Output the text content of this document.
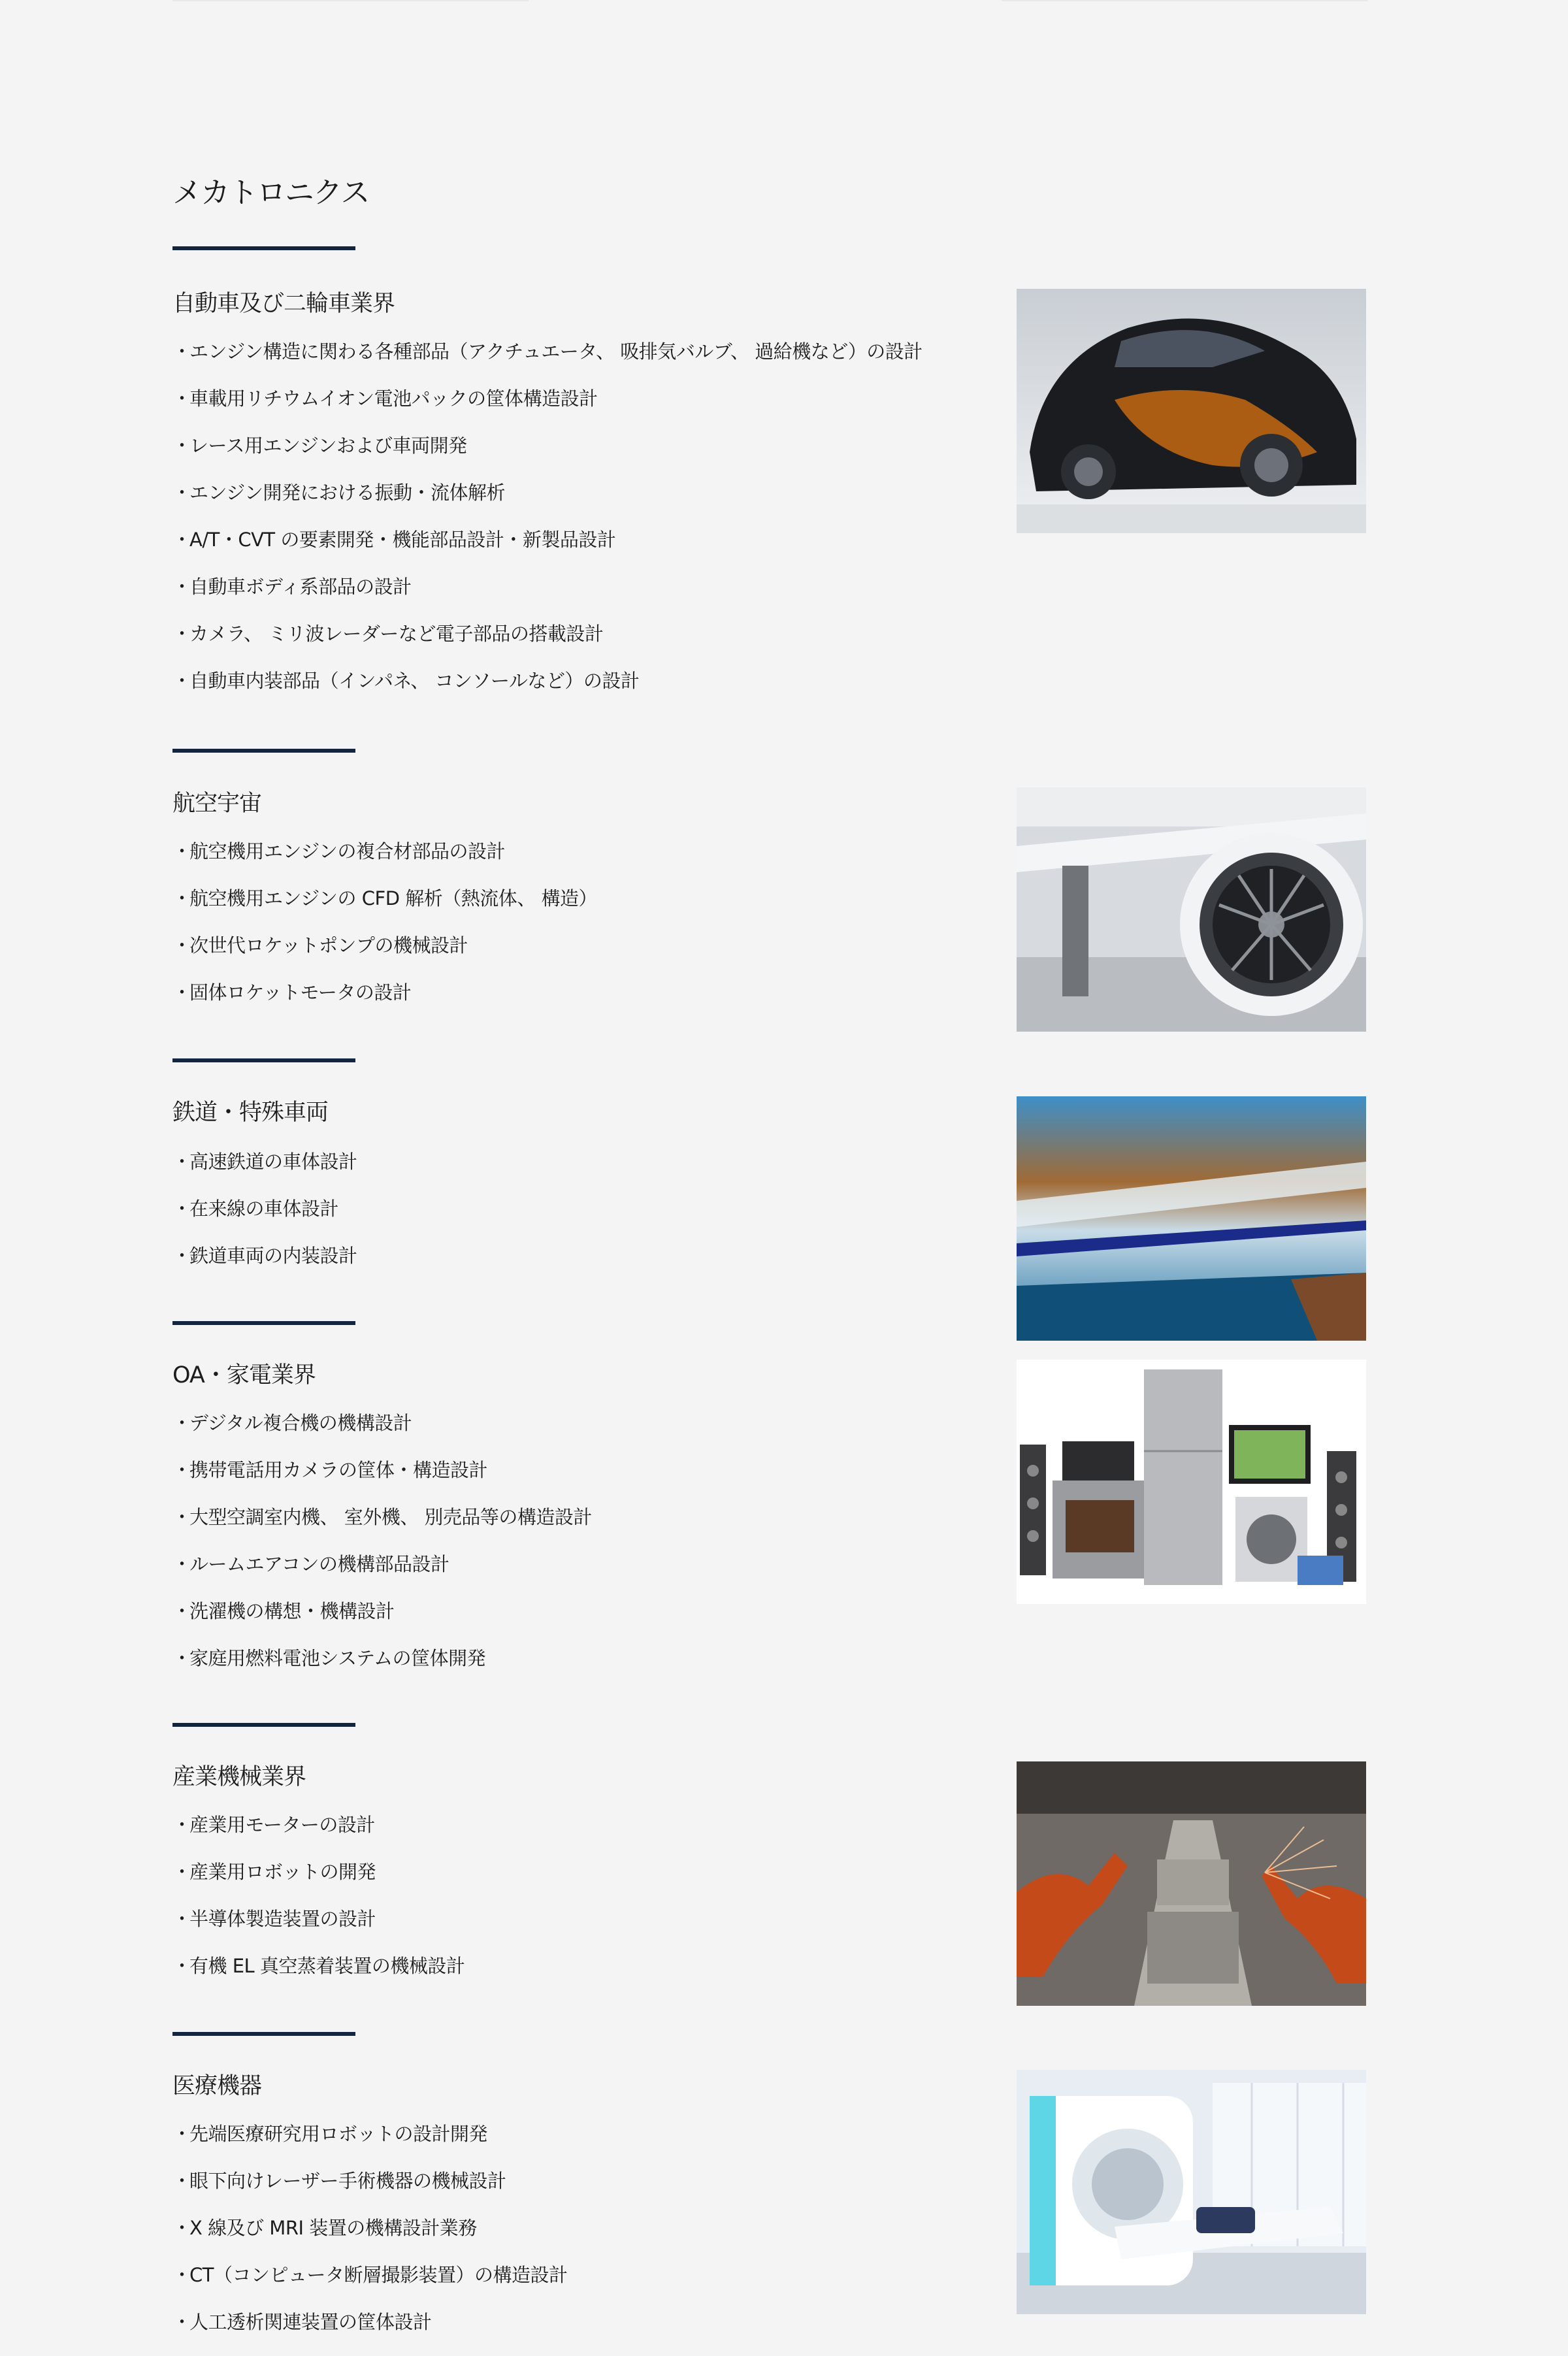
メカトロニクス
自動車及び二輪車業界
・エンジン構造に関わる各種部品（アクチュエータ、 吸排気バルブ、 過給機など）の設計
・車載用リチウムイオン電池パックの筐体構造設計
・レース用エンジンおよび車両開発
・エンジン開発における振動・流体解析
・A/T・CVT の要素開発・機能部品設計・新製品設計
・自動車ボディ系部品の設計
・カメラ、 ミリ波レーダーなど電子部品の搭載設計
・自動車内装部品（インパネ、 コンソールなど）の設計
航空宇宙
・航空機用エンジンの複合材部品の設計
・航空機用エンジンの CFD 解析（熱流体、 構造）
・次世代ロケットポンプの機械設計
・固体ロケットモータの設計
鉄道・特殊車両
・高速鉄道の車体設計
・在来線の車体設計
・鉄道車両の内装設計
OA・家電業界
・デジタル複合機の機構設計
・携帯電話用カメラの筐体・構造設計
・大型空調室内機、 室外機、 別売品等の構造設計
・ルームエアコンの機構部品設計
・洗濯機の構想・機構設計
・家庭用燃料電池システムの筐体開発
産業機械業界
・産業用モーターの設計
・産業用ロボットの開発
・半導体製造装置の設計
・有機 EL 真空蒸着装置の機械設計
医療機器
・先端医療研究用ロボットの設計開発
・眼下向けレーザー手術機器の機械設計
・X 線及び MRI 装置の機構設計業務
・CT（コンピュータ断層撮影装置）の構造設計
・人工透析関連装置の筐体設計
